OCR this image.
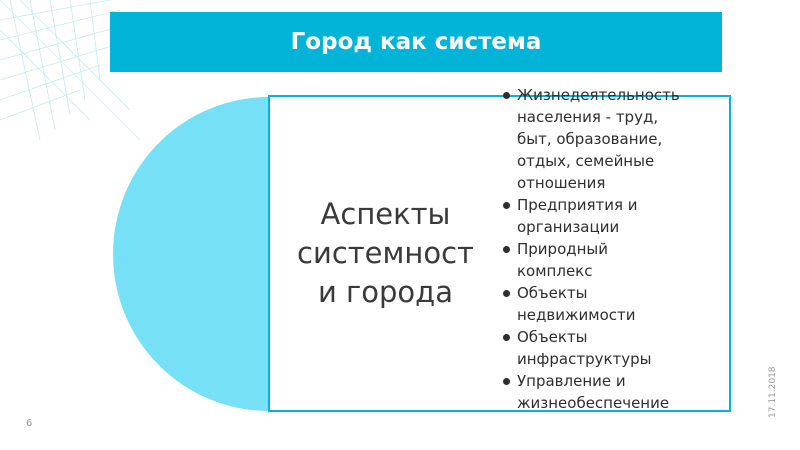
Город как система
Аспекты
системност
и города
Жизнедеятельность
населения - труд,
быт, образование,
отдых, семейные
отношения
Предприятия и
организации
Природный
комплекс
Объекты
недвижимости
Объекты
инфраструктуры
Управление и
жизнеобеспечение
6
17.11.2018
